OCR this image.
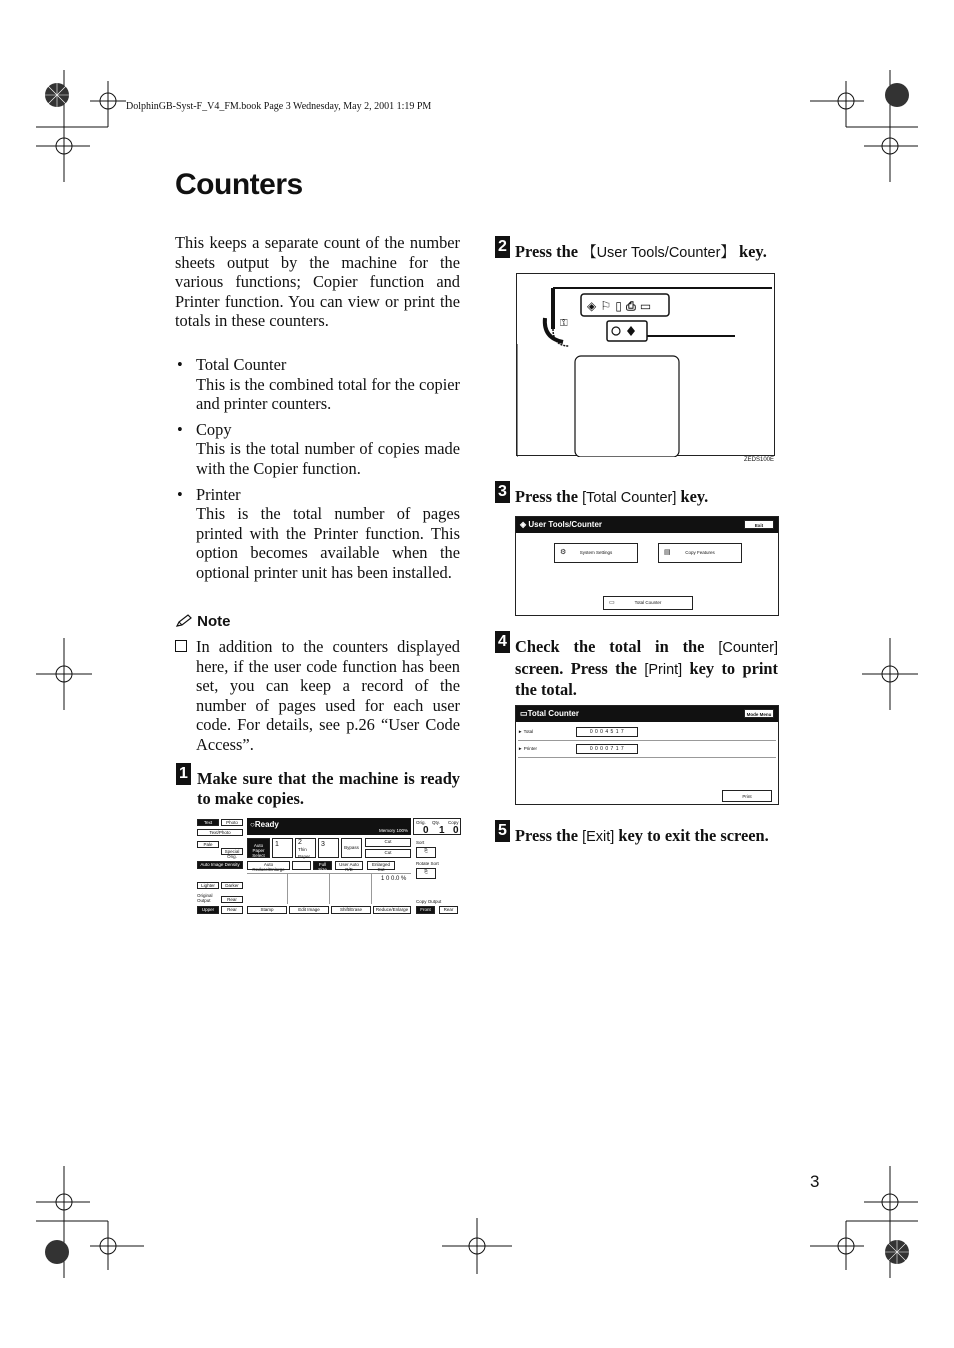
DolphinGB-Syst-F_V4_FM.book Page 3 Wednesday, May 2, 2001 1:19 PM
Counters
This keeps a separate count of the number sheets output by the machine for the various functions; Copier function and Printer function. You can view or print the totals in these counters.
• Total Counter
This is the combined total for the copier and printer counters.
• Copy
This is the total number of copies made with the Copier function.
• Printer
This is the total number of pages printed with the Printer function. This option becomes available when the optional printer unit has been installed.
Note
In addition to the counters displayed here, if the user code function has been set, you can keep a record of the number of pages used for each user code. For details, see p.26 “User Code Access”.
1 Make sure that the machine is ready to make copies.
Text	Photo
Text/Photo
Pale
Special Orig.
Auto Image Density
Lighter	Darker
Original Output	Rear
Upper	Rear
○Ready
Memory 100%
Orig. Qty. Copy
0 1 0
Auto Paper Select
1	2
Thin Paper
3	Bypass
Cut
Cut
Auto Reduce/Enlarge
Full Size
User Auto R/E
Enlarged Cut
1 0 0.0 %
Stamp	Edit Image	Shift/Erase	Reduce/Enlarge
Sort
⎘
Rotate Sort
⎘
Copy Output
Front	Rear
2 Press the 【User Tools/Counter】 key.
◈ ⚐ ▯ ⎙ ▭
⚿
ZEDS100E
3 Press the [Total Counter] key.
◈ User Tools/Counter	Exit
⚙	System Settings	▤	Copy Features
▭	Total Counter
4 Check the total in the [Counter] screen. Press the [Print] key to print the total.
▭Total Counter	Mode Menu
► Total	0 0 0 4 5 1 7
► Printer	0 0 0 0 7 1 7
Print
5 Press the [Exit] key to exit the screen.
3
